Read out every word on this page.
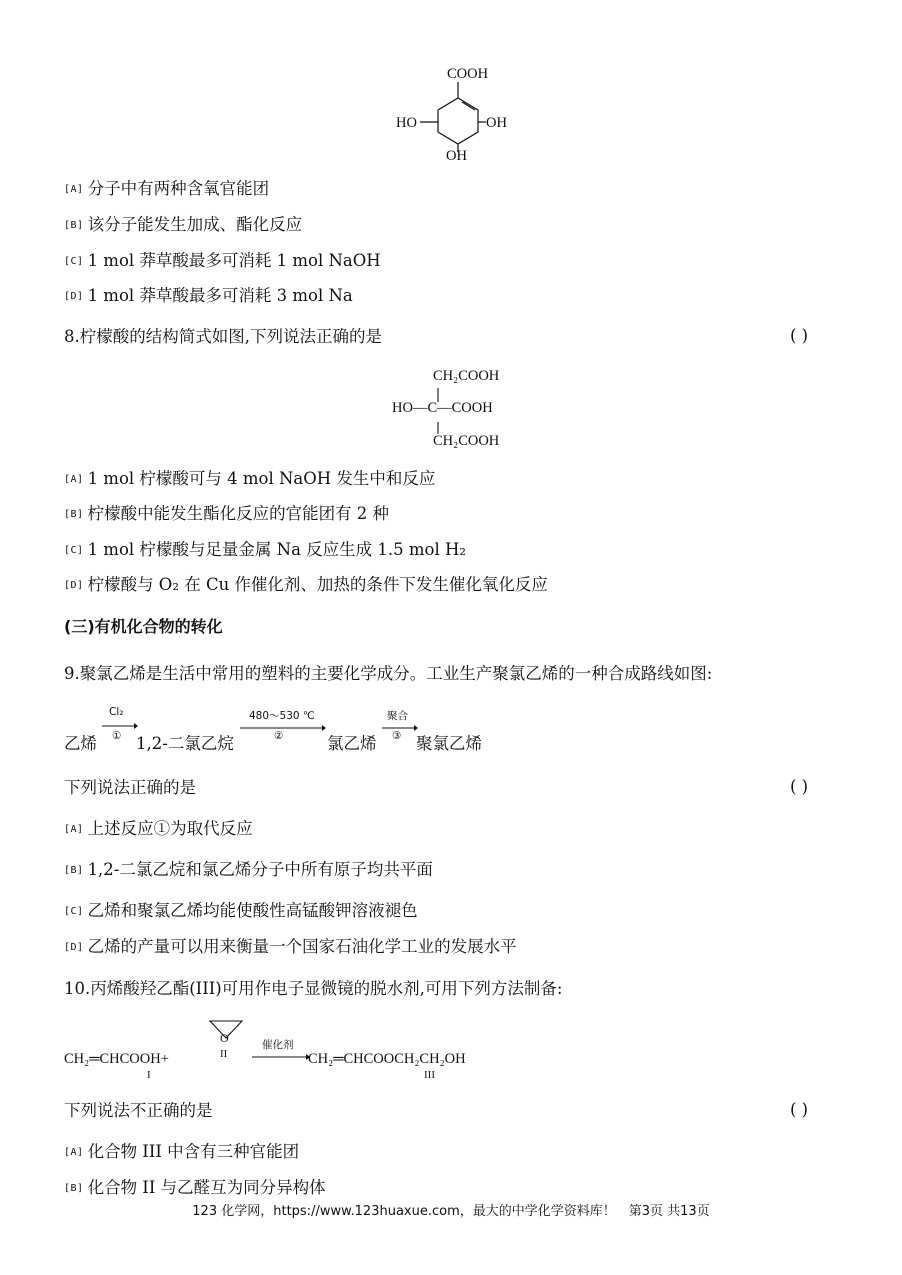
COOH
HO	OH
OH
[A] 分子中有两种含氧官能团
[B] 该分子能发生加成、酯化反应
[C] 1 mol 莽草酸最多可消耗 1 mol NaOH
[D] 1 mol 莽草酸最多可消耗 3 mol Na
8.柠檬酸的结构简式如图,下列说法正确的是	( )
CH₂COOH
HO—C—COOH
CH₂COOH
[A] 1 mol 柠檬酸可与 4 mol NaOH 发生中和反应
[B] 柠檬酸中能发生酯化反应的官能团有 2 种
[C] 1 mol 柠檬酸与足量金属 Na 反应生成 1.5 mol H₂
[D] 柠檬酸与 O₂ 在 Cu 作催化剂、加热的条件下发生催化氧化反应
(三)有机化合物的转化
9.聚氯乙烯是生活中常用的塑料的主要化学成分。工业生产聚氯乙烯的一种合成路线如图:
乙烯
Cl₂
① 1,2-二氯乙烷
480～530 ℃
②	氯乙烯
聚合
③ 聚氯乙烯
下列说法正确的是	( )
[A] 上述反应①为取代反应
[B] 1,2-二氯乙烷和氯乙烯分子中所有原子均共平面
[C] 乙烯和聚氯乙烯均能使酸性高锰酸钾溶液褪色
[D] 乙烯的产量可以用来衡量一个国家石油化学工业的发展水平
10.丙烯酸羟乙酯(III)可用作电子显微镜的脱水剂,可用下列方法制备:
CH₂═CHCOOH+
I
O
II
催化剂
CH₂═CHCOOCH₂CH₂OH
III
下列说法不正确的是	( )
[A] 化合物 III 中含有三种官能团
[B] 化合物 II 与乙醛互为同分异构体
123 化学网，https://www.123huaxue.com，最大的中学化学资料库！　第3页 共13页
